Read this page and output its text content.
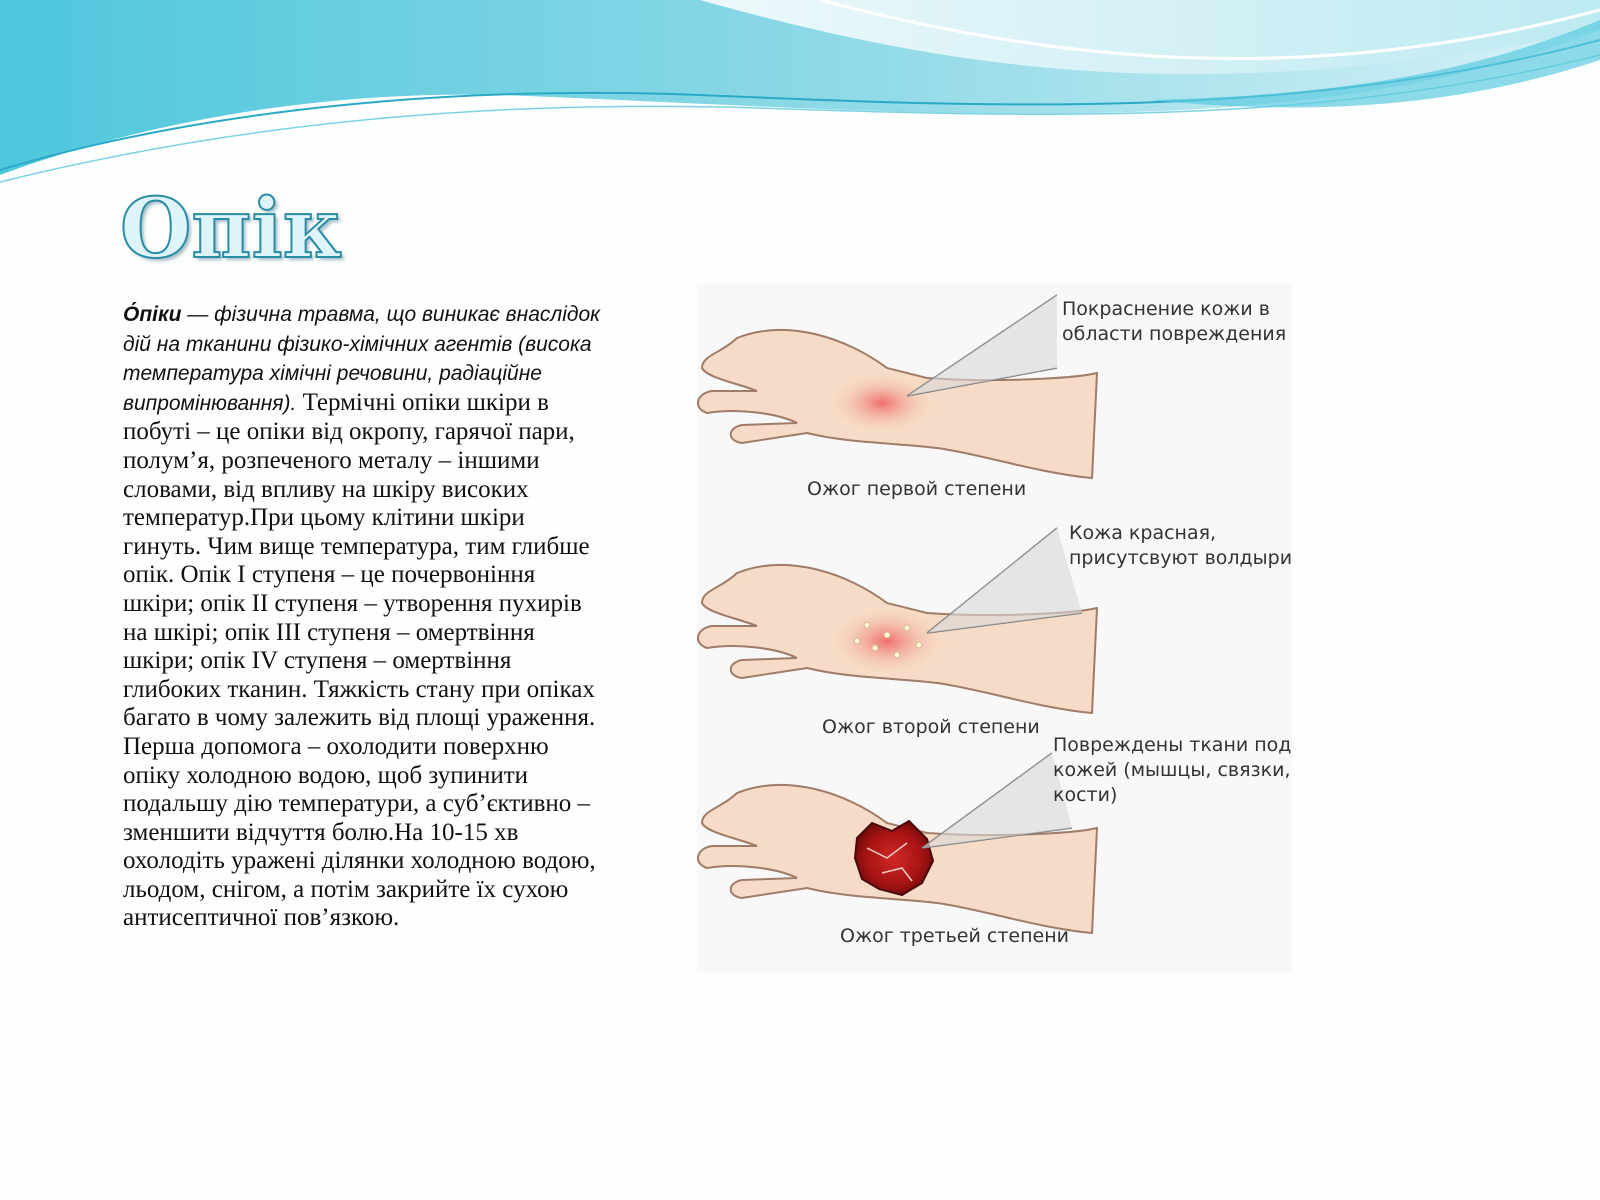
Опік

О́піки — фізична травма, що виникає внаслідок дій на тканини фізико-хімічних агентів (висока температура хімічні речовини, радіаційне випромінювання). Термічні опіки шкіри в побуті – це опіки від окропу, гарячої пари, полум’я, розпеченого металу – іншими словами, від впливу на шкіру високих температур.При цьому клітини шкіри гинуть. Чим вище температура, тим глибше опік. Опік I ступеня – це почервоніння шкіри; опік II ступеня – утворення пухирів на шкірі; опік III ступеня – омертвіння шкіри; опік IV ступеня – омертвіння глибоких тканин. Тяжкість стану при опіках багато в чому залежить від площі ураження. Перша допомога – охолодити поверхню опіку холодною водою, щоб зупинити подальшу дію температури, а суб’єктивно – зменшити відчуття болю.На 10-15 хв охолодіть уражені ділянки холодною водою, льодом, снігом, а потім закрийте їх сухою антисептичної пов’язкою.

Ожог первой степени

Покраснение кожи в области повреждения

Ожог второй степени

Кожа красная, присутсвуют волдыри

Ожог третьей степени

Повреждены ткани под кожей (мышцы, связки, кости)
